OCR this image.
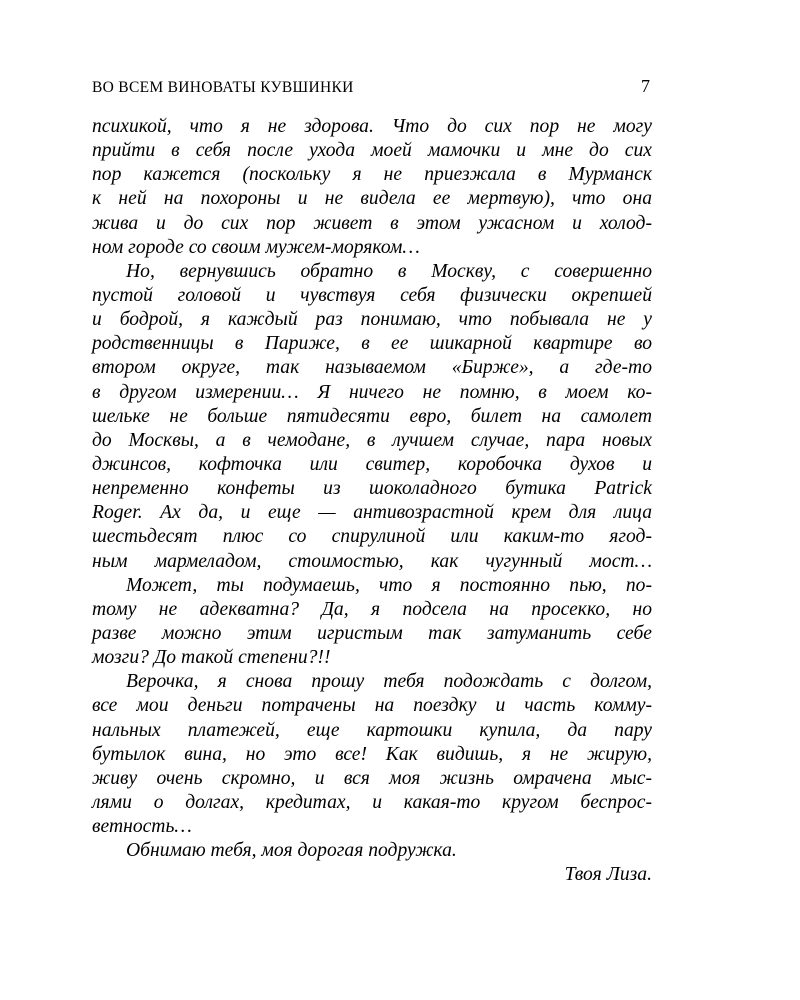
ВО ВСЕМ ВИНОВАТЫ КУВШИНКИ	7
психикой, что я не здорова. Что до сих пор не могу
прийти в себя после ухода моей мамочки и мне до сих
пор кажется (поскольку я не приезжала в Мурманск
к ней на похороны и не видела ее мертвую), что она
жива и до сих пор живет в этом ужасном и холод-
ном городе со своим мужем-моряком…
Но, вернувшись обратно в Москву, с совершенно
пустой головой и чувствуя себя физически окрепшей
и бодрой, я каждый раз понимаю, что побывала не у
родственницы в Париже, в ее шикарной квартире во
втором округе, так называемом «Бирже», а где-то
в другом измерении… Я ничего не помню, в моем ко-
шельке не больше пятидесяти евро, билет на самолет
до Москвы, а в чемодане, в лучшем случае, пара новых
джинсов, кофточка или свитер, коробочка духов и
непременно конфеты из шоколадного бутика Patrick
Roger. Ах да, и еще — антивозрастной крем для лица
шестьдесят плюс со спирулиной или каким-то ягод-
ным мармеладом, стоимостью, как чугунный мост…
Может, ты подумаешь, что я постоянно пью, по-
тому не адекватна? Да, я подсела на просекко, но
разве можно этим игристым так затуманить себе
мозги? До такой степени?!!
Верочка, я снова прошу тебя подождать с долгом,
все мои деньги потрачены на поездку и часть комму-
нальных платежей, еще картошки купила, да пару
бутылок вина, но это все! Как видишь, я не жирую,
живу очень скромно, и вся моя жизнь омрачена мыс-
лями о долгах, кредитах, и какая-то кругом беспрос-
ветность…
Обнимаю тебя, моя дорогая подружка.
Твоя Лиза.
